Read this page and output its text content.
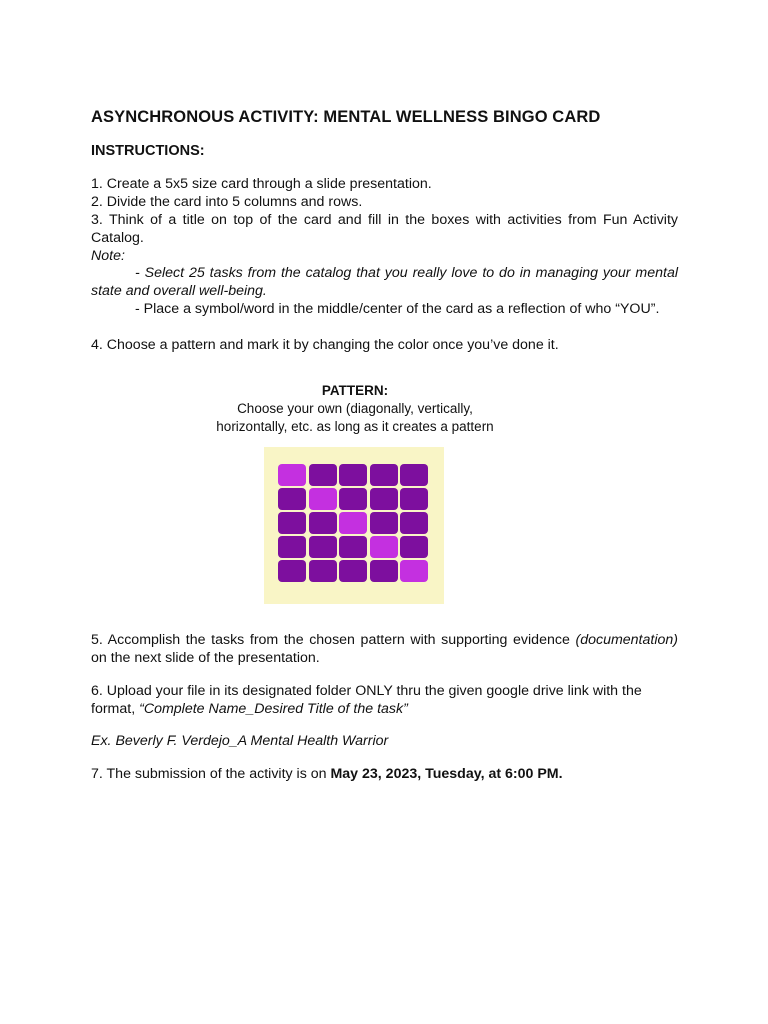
ASYNCHRONOUS ACTIVITY: MENTAL WELLNESS BINGO CARD
INSTRUCTIONS:
1. Create a 5x5 size card through a slide presentation.
2. Divide the card into 5 columns and rows.
3. Think of a title on top of the card and fill in the boxes with activities from Fun Activity Catalog.
Note:
- Select 25 tasks from the catalog that you really love to do in managing your mental state and overall well-being.
- Place a symbol/word in the middle/center of the card as a reflection of who “YOU”.
4. Choose a pattern and mark it by changing the color once you’ve done it.
PATTERN:
Choose your own (diagonally, vertically,
horizontally, etc. as long as it creates a pattern
5. Accomplish the tasks from the chosen pattern with supporting evidence (documentation) on the next slide of the presentation.
6. Upload your file in its designated folder ONLY thru the given google drive link with the format, “Complete Name_Desired Title of the task”
Ex. Beverly F. Verdejo_A Mental Health Warrior
7. The submission of the activity is on May 23, 2023, Tuesday, at 6:00 PM.
